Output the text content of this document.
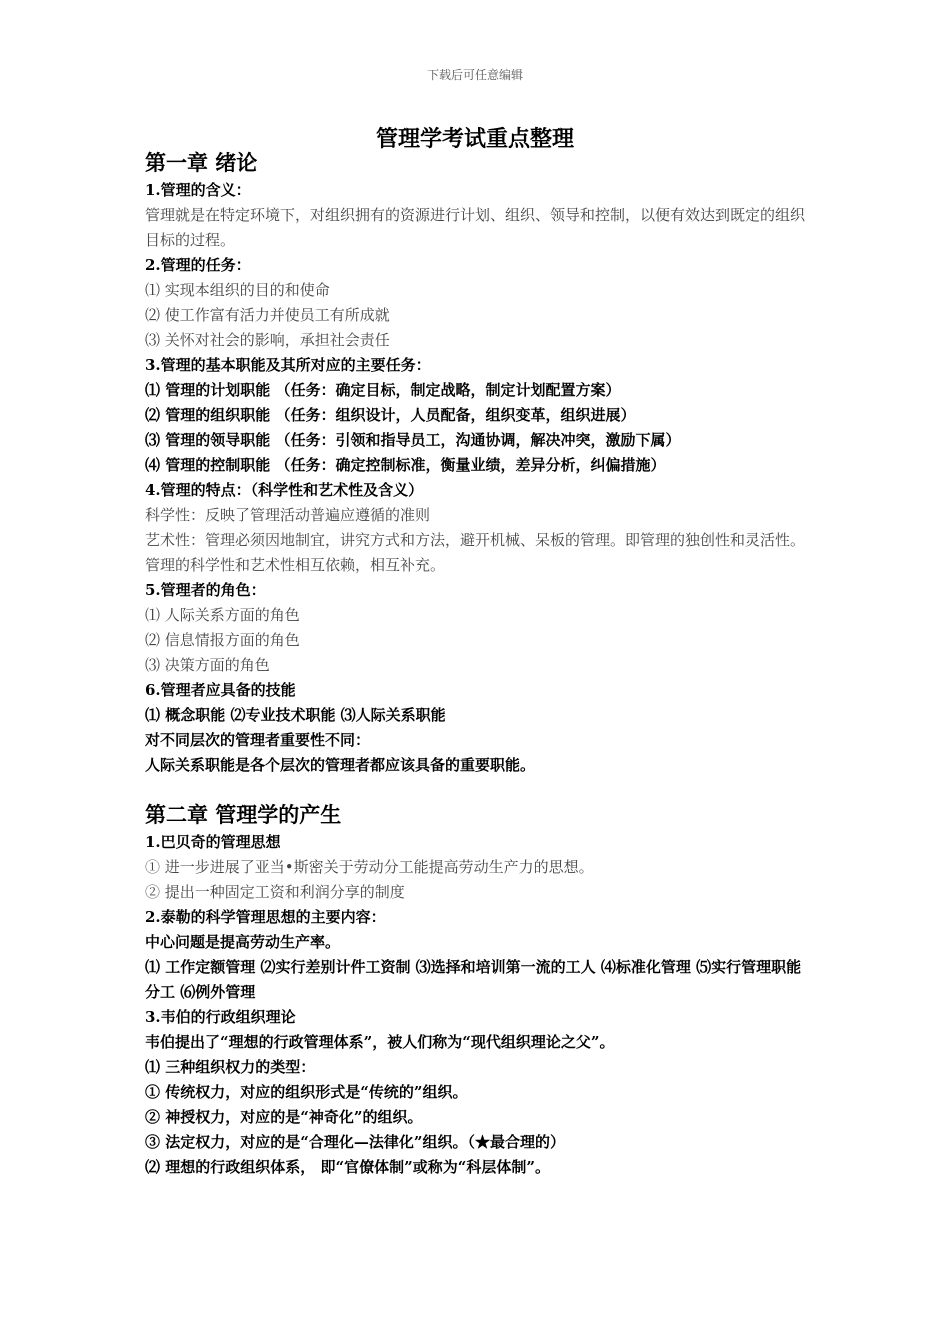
下载后可任意编辑
管理学考试重点整理
第一章 绪论

1.管理的含义：

管理就是在特定环境下，对组织拥有的资源进行计划、组织、领导和控制，以便有效达到既定的组织目标的过程。

2.管理的任务：

⑴ 实现本组织的目的和使命

⑵ 使工作富有活力并使员工有所成就

⑶ 关怀对社会的影响，承担社会责任

3.管理的基本职能及其所对应的主要任务：

⑴ 管理的计划职能 （任务：确定目标，制定战略，制定计划配置方案）

⑵ 管理的组织职能 （任务：组织设计，人员配备，组织变革，组织进展）

⑶ 管理的领导职能 （任务：引领和指导员工，沟通协调，解决冲突，激励下属）

⑷ 管理的控制职能 （任务：确定控制标准，衡量业绩，差异分析，纠偏措施）

4.管理的特点：（科学性和艺术性及含义）

科学性：反映了管理活动普遍应遵循的准则

艺术性：管理必须因地制宜，讲究方式和方法，避开机械、呆板的管理。即管理的独创性和灵活性。

管理的科学性和艺术性相互依赖，相互补充。

5.管理者的角色：

⑴ 人际关系方面的角色

⑵ 信息情报方面的角色

⑶ 决策方面的角色

6.管理者应具备的技能

⑴ 概念职能 ⑵专业技术职能 ⑶人际关系职能

对不同层次的管理者重要性不同：

人际关系职能是各个层次的管理者都应该具备的重要职能。

第二章 管理学的产生

1.巴贝奇的管理思想

① 进一步进展了亚当•斯密关于劳动分工能提高劳动生产力的思想。

② 提出一种固定工资和利润分享的制度

2.泰勒的科学管理思想的主要内容：

中心问题是提高劳动生产率。

⑴ 工作定额管理 ⑵实行差别计件工资制 ⑶选择和培训第一流的工人 ⑷标准化管理 ⑸实行管理职能分工 ⑹例外管理

3.韦伯的行政组织理论

韦伯提出了“理想的行政管理体系”，被人们称为“现代组织理论之父”。

⑴ 三种组织权力的类型：

① 传统权力，对应的组织形式是“传统的”组织。

② 神授权力，对应的是“神奇化”的组织。

③ 法定权力，对应的是“合理化—法律化”组织。（★最合理的）

⑵ 理想的行政组织体系， 即“官僚体制”或称为“科层体制”。
